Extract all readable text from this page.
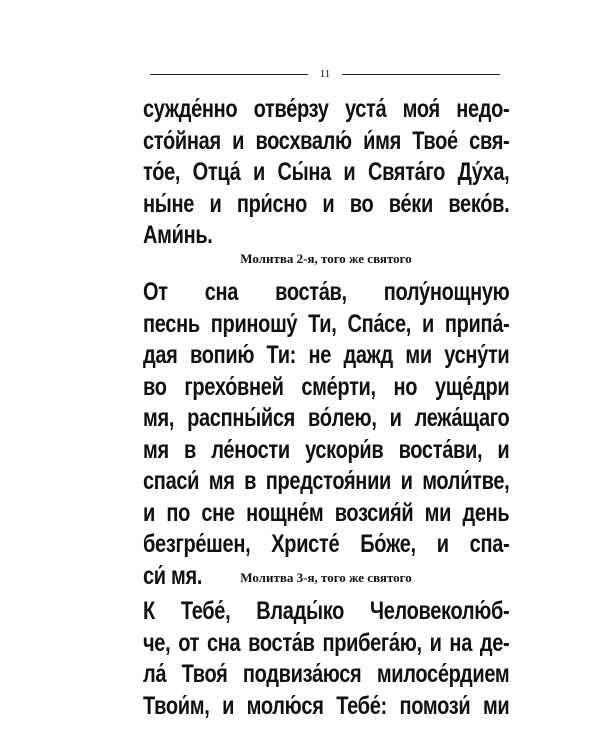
11
сужде́нно отве́рзу уста́ моя́ недо-
сто́йная и восхвалю́ и́мя Твое́ свя-
то́е, Отца́ и Сы́на и Свята́го Ду́ха,
ны́не и при́сно и во ве́ки веко́в.
Ами́нь.
Молитва 2-я, того же святого
От сна воста́в, полу́нощную
песнь приношу́ Ти, Спа́се, и припа́-
дая вопию́ Ти: не дажд ми усну́ти
во грехо́вней сме́рти, но уще́дри
мя, распны́йся во́лею, и лежа́щаго
мя в ле́ности ускори́в воста́ви, и
спаси́ мя в предстоя́нии и моли́тве,
и по сне нощне́м возсия́й ми день
безгре́шен, Христе́ Бо́же, и спа-
си́ мя.	Молитва 3-я, того же святого
К Тебе́, Влады́ко Человеколю́б-
че, от сна воста́в прибега́ю, и на де-
ла́ Твоя́ подвиза́юся милосе́рдием
Твои́м, и молю́ся Тебе́: помози́ ми
